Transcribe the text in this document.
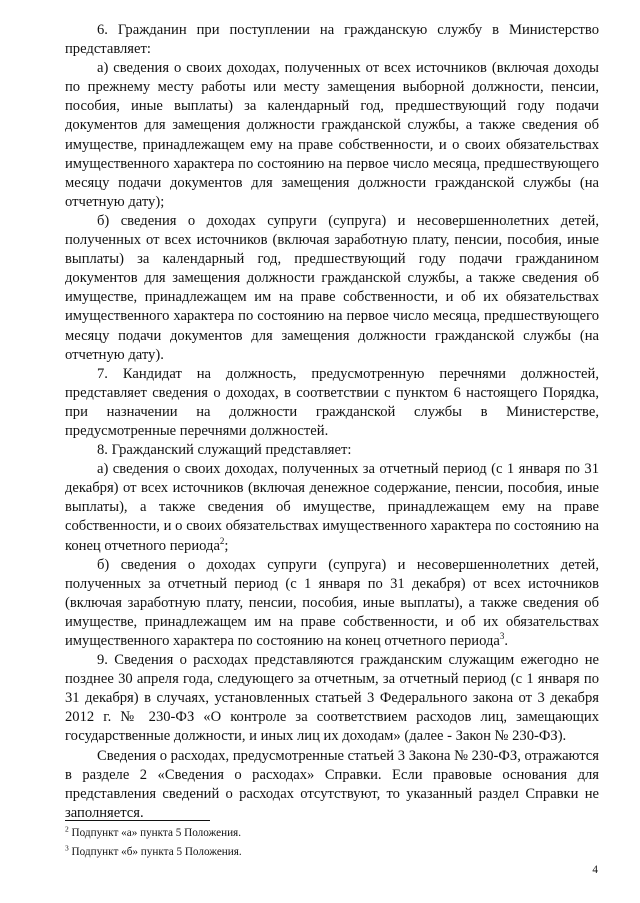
6. Гражданин при поступлении на гражданскую службу в Министерство представляет:

а) сведения о своих доходах, полученных от всех источников (включая доходы по прежнему месту работы или месту замещения выборной должности, пенсии, пособия, иные выплаты) за календарный год, предшествующий году подачи документов для замещения должности гражданской службы, а также сведения об имуществе, принадлежащем ему на праве собственности, и о своих обязательствах имущественного характера по состоянию на первое число месяца, предшествующего месяцу подачи документов для замещения должности гражданской службы (на отчетную дату);

б) сведения о доходах супруги (супруга) и несовершеннолетних детей, полученных от всех источников (включая заработную плату, пенсии, пособия, иные выплаты) за календарный год, предшествующий году подачи гражданином документов для замещения должности гражданской службы, а также сведения об имуществе, принадлежащем им на праве собственности, и об их обязательствах имущественного характера по состоянию на первое число месяца, предшествующего месяцу подачи документов для замещения должности гражданской службы (на отчетную дату).

7. Кандидат на должность, предусмотренную перечнями должностей, представляет сведения о доходах, в соответствии с пунктом 6 настоящего Порядка, при назначении на должности гражданской службы в Министерстве, предусмотренные перечнями должностей.

8. Гражданский служащий представляет:

а) сведения о своих доходах, полученных за отчетный период (с 1 января по 31 декабря) от всех источников (включая денежное содержание, пенсии, пособия, иные выплаты), а также сведения об имуществе, принадлежащем ему на праве собственности, и о своих обязательствах имущественного характера по состоянию на конец отчетного периода$^2$;

б) сведения о доходах супруги (супруга) и несовершеннолетних детей, полученных за отчетный период (с 1 января по 31 декабря) от всех источников (включая заработную плату, пенсии, пособия, иные выплаты), а также сведения об имуществе, принадлежащем им на праве собственности, и об их обязательствах имущественного характера по состоянию на конец отчетного периода$^3$.

9. Сведения о расходах представляются гражданским служащим ежегодно не позднее 30 апреля года, следующего за отчетным, за отчетный период (с 1 января по 31 декабря) в случаях, установленных статьей 3 Федерального закона от 3 декабря 2012 г. № 230-ФЗ «О контроле за соответствием расходов лиц, замещающих государственные должности, и иных лиц их доходам» (далее - Закон № 230-ФЗ).

Сведения о расходах, предусмотренные статьей 3 Закона № 230-ФЗ, отражаются в разделе 2 «Сведения о расходах» Справки. Если правовые основания для представления сведений о расходах отсутствуют, то указанный раздел Справки не заполняется.

$^2$ Подпункт «а» пункта 5 Положения.
$^3$ Подпункт «б» пункта 5 Положения.
4
